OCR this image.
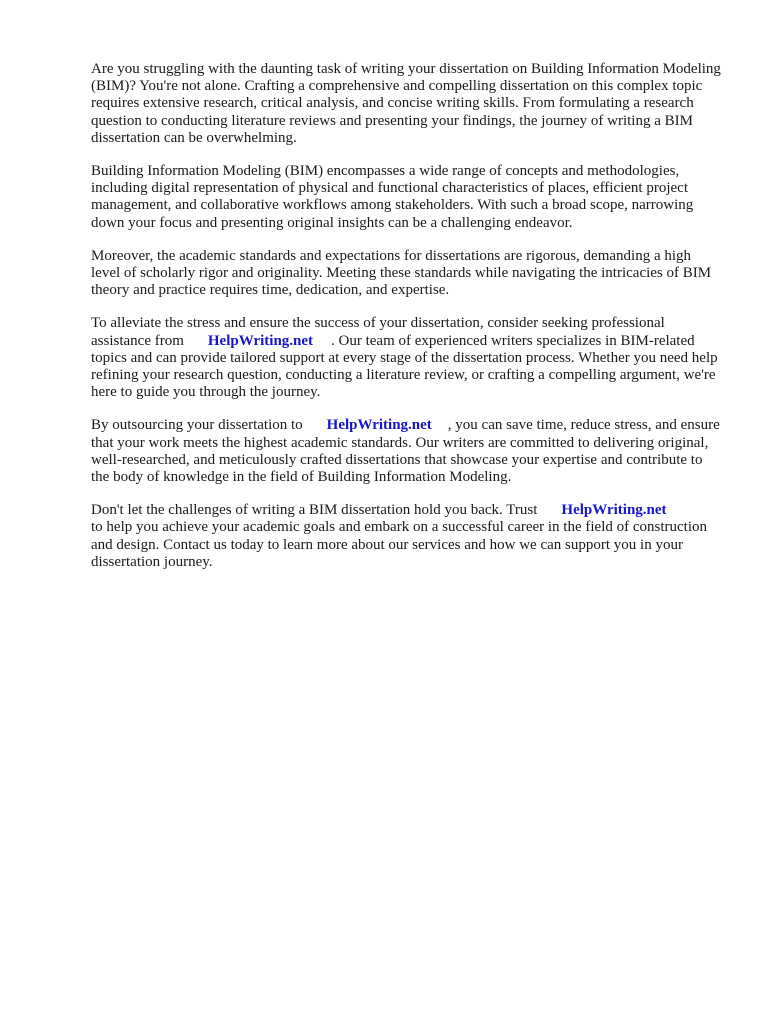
Are you struggling with the daunting task of writing your dissertation on Building Information Modeling (BIM)? You're not alone. Crafting a comprehensive and compelling dissertation on this complex topic requires extensive research, critical analysis, and concise writing skills. From formulating a research question to conducting literature reviews and presenting your findings, the journey of writing a BIM dissertation can be overwhelming.

Building Information Modeling (BIM) encompasses a wide range of concepts and methodologies, including digital representation of physical and functional characteristics of places, efficient project management, and collaborative workflows among stakeholders. With such a broad scope, narrowing down your focus and presenting original insights can be a challenging endeavor.

Moreover, the academic standards and expectations for dissertations are rigorous, demanding a high level of scholarly rigor and originality. Meeting these standards while navigating the intricacies of BIM theory and practice requires time, dedication, and expertise.

To alleviate the stress and ensure the success of your dissertation, consider seeking professional assistance from HelpWriting.net . Our team of experienced writers specializes in BIM-related topics and can provide tailored support at every stage of the dissertation process. Whether you need help refining your research question, conducting a literature review, or crafting a compelling argument, we're here to guide you through the journey.

By outsourcing your dissertation to HelpWriting.net , you can save time, reduce stress, and ensure that your work meets the highest academic standards. Our writers are committed to delivering original, well-researched, and meticulously crafted dissertations that showcase your expertise and contribute to the body of knowledge in the field of Building Information Modeling.

Don't let the challenges of writing a BIM dissertation hold you back. Trust HelpWriting.net
to help you achieve your academic goals and embark on a successful career in the field of construction and design. Contact us today to learn more about our services and how we can support you in your dissertation journey.
